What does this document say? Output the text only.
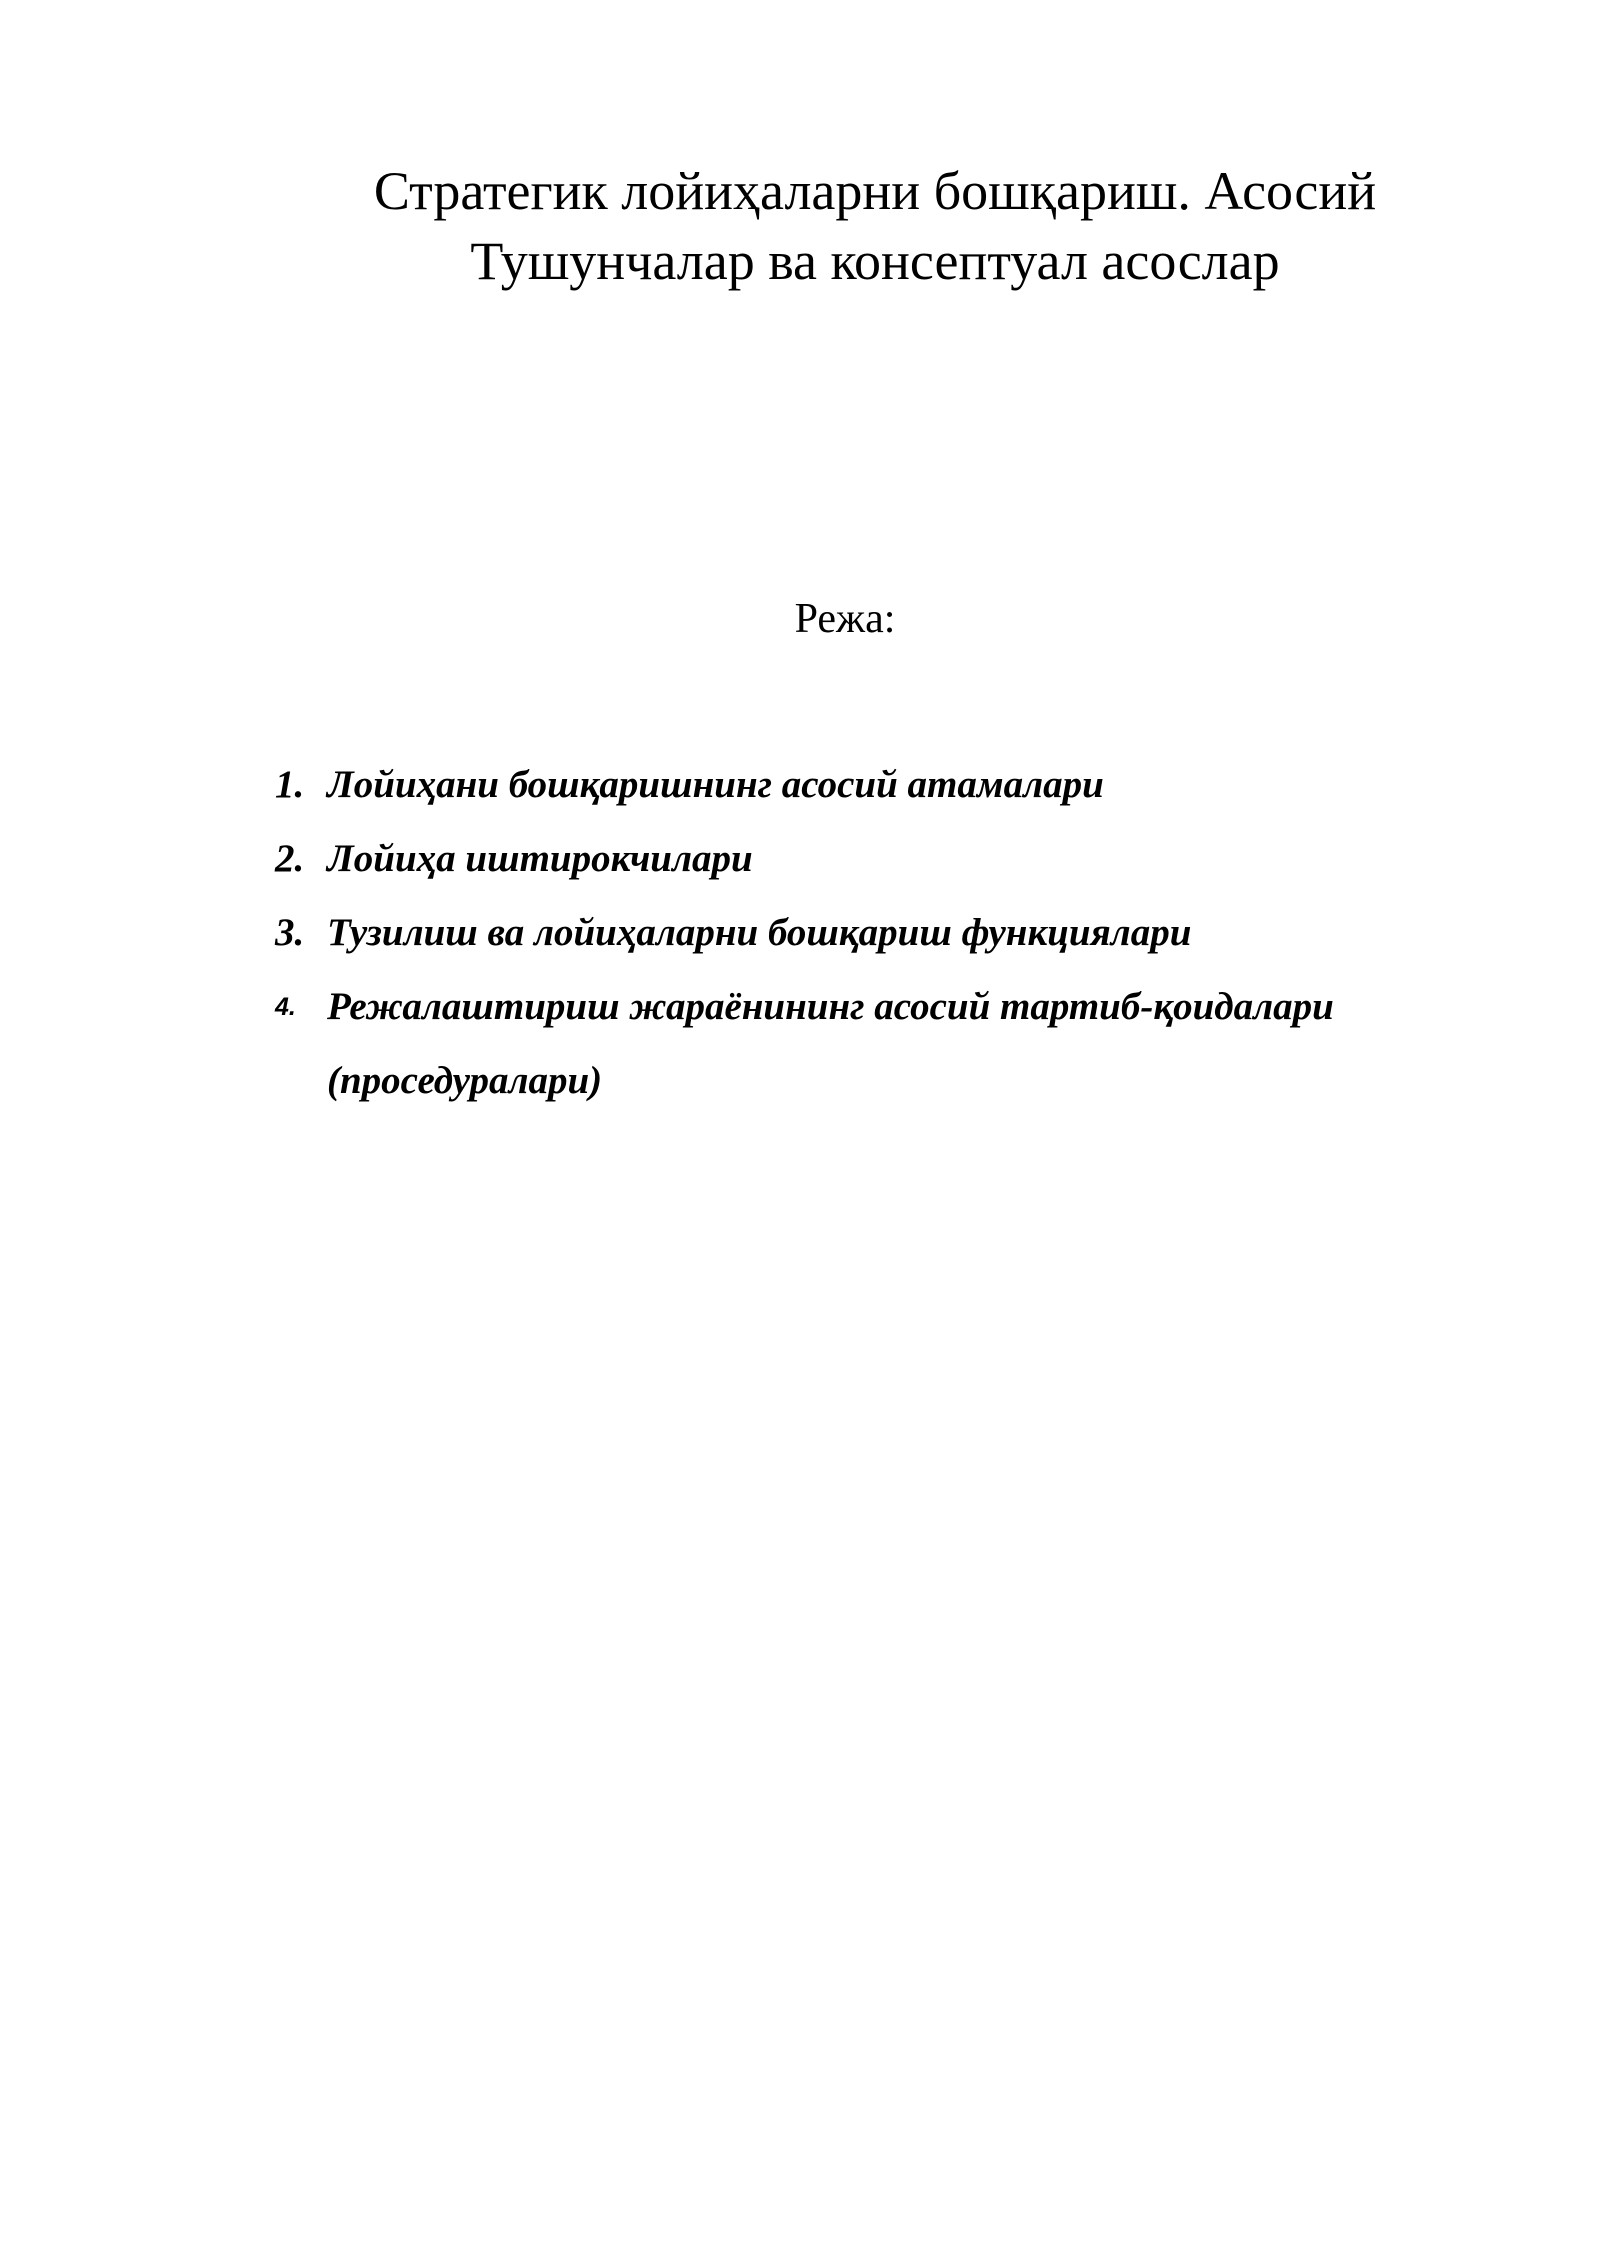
Стратегик лойиҳаларни бошқариш. Асосий
Тушунчалар ва консептуал асослар
Режа:
1. Лойиҳани бошқаришнинг асосий атамалари
2. Лойиҳа иштирокчилари
3. Тузилиш ва лойиҳаларни бошқариш функциялари
4. Режалаштириш жараёнининг асосий тартиб-қоидалари (проседуралари)
